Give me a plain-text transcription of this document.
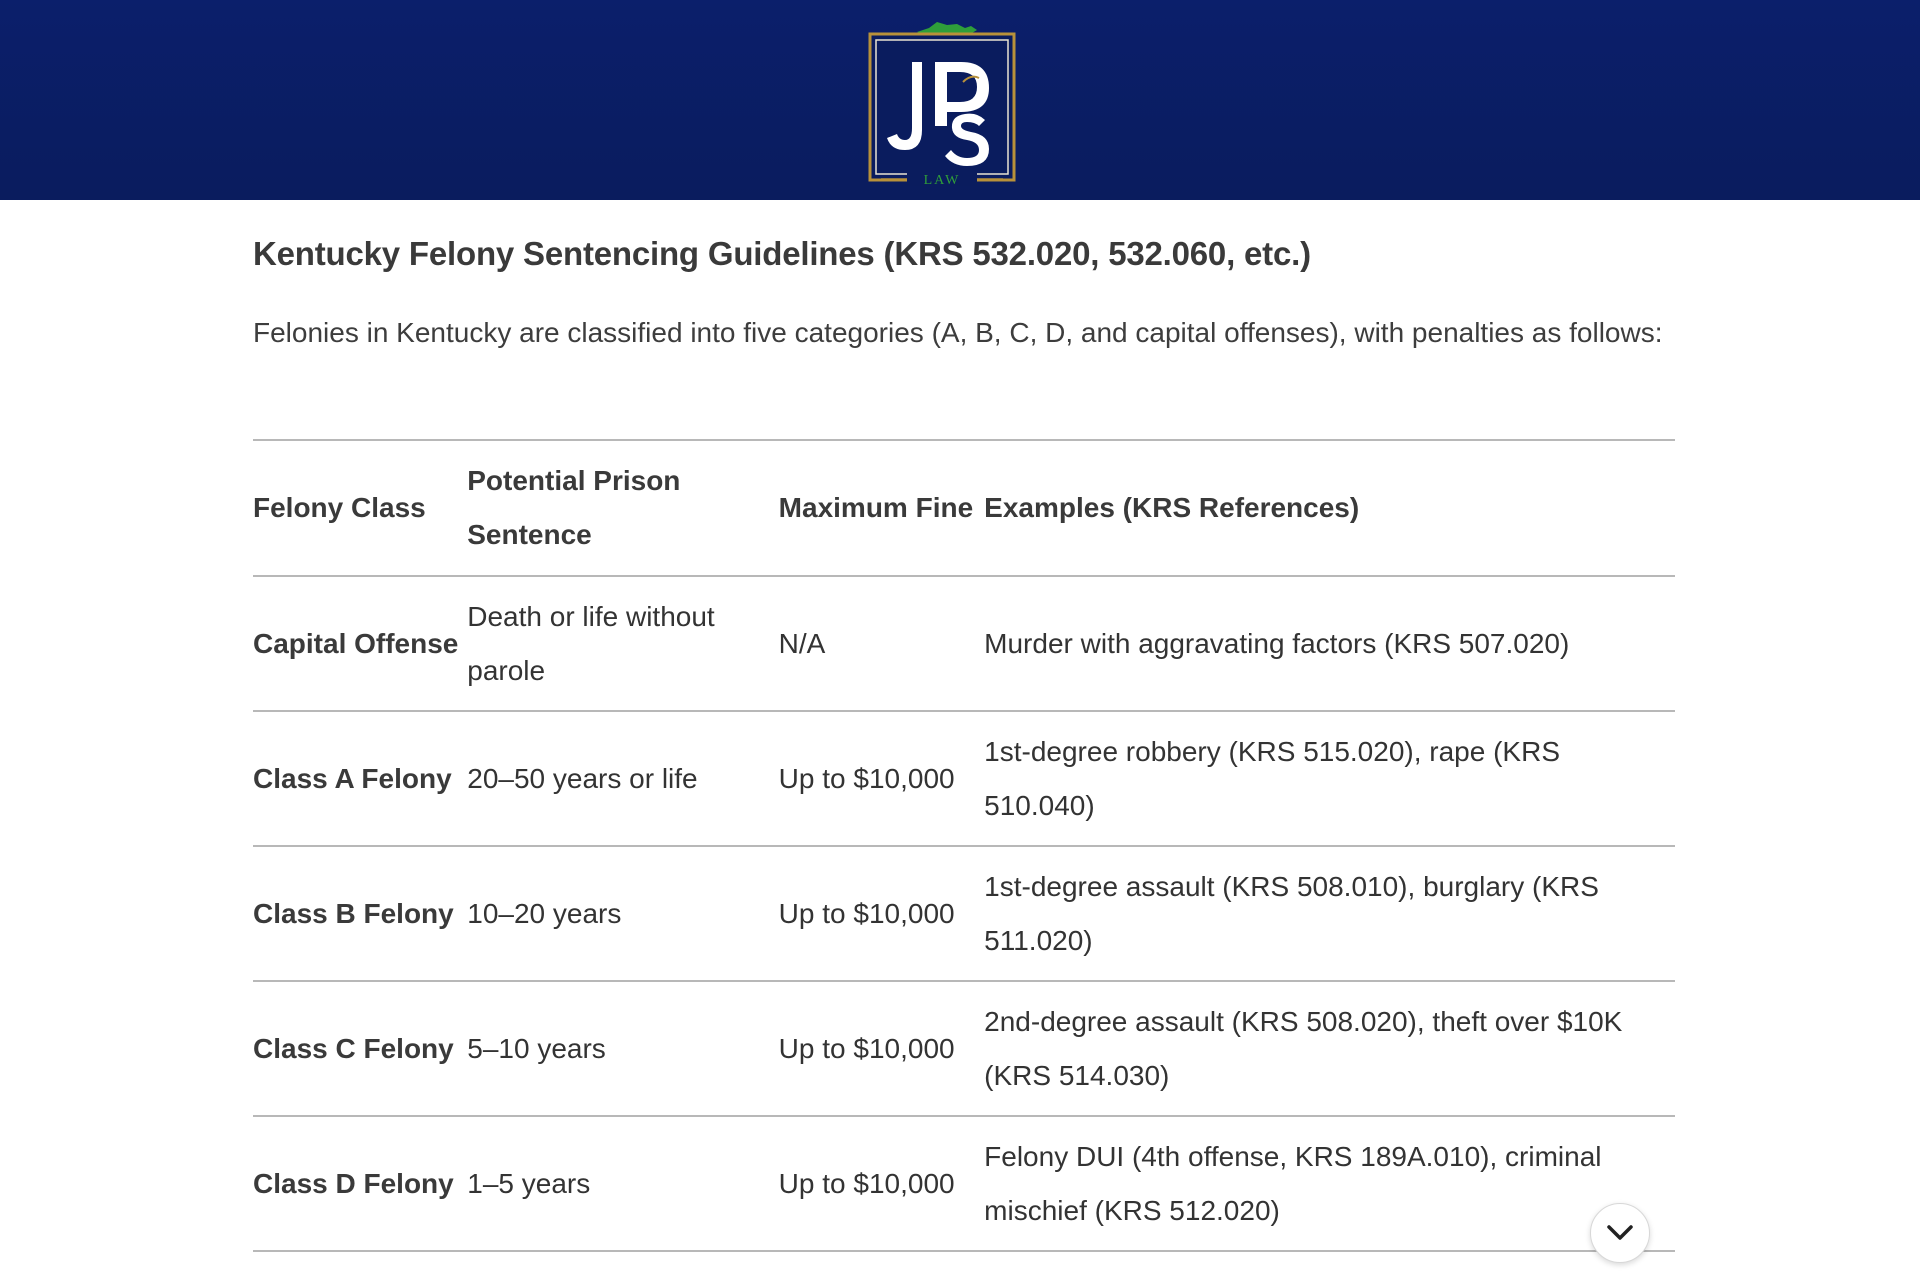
LAW
Kentucky Felony Sentencing Guidelines (KRS 532.020, 532.060, etc.)

Felonies in Kentucky are classified into five categories (A, B, C, D, and capital offenses), with penalties as follows:

Felony Class	Potential Prison Sentence	Maximum Fine	Examples (KRS References)
Capital Offense	Death or life without parole	N/A	Murder with aggravating factors (KRS 507.020)
Class A Felony	20–50 years or life	Up to $10,000	1st-degree robbery (KRS 515.020), rape (KRS 510.040)
Class B Felony	10–20 years	Up to $10,000	1st-degree assault (KRS 508.010), burglary (KRS 511.020)
Class C Felony	5–10 years	Up to $10,000	2nd-degree assault (KRS 508.020), theft over $10K (KRS 514.030)
Class D Felony	1–5 years	Up to $10,000	Felony DUI (4th offense, KRS 189A.010), criminal mischief (KRS 512.020)
